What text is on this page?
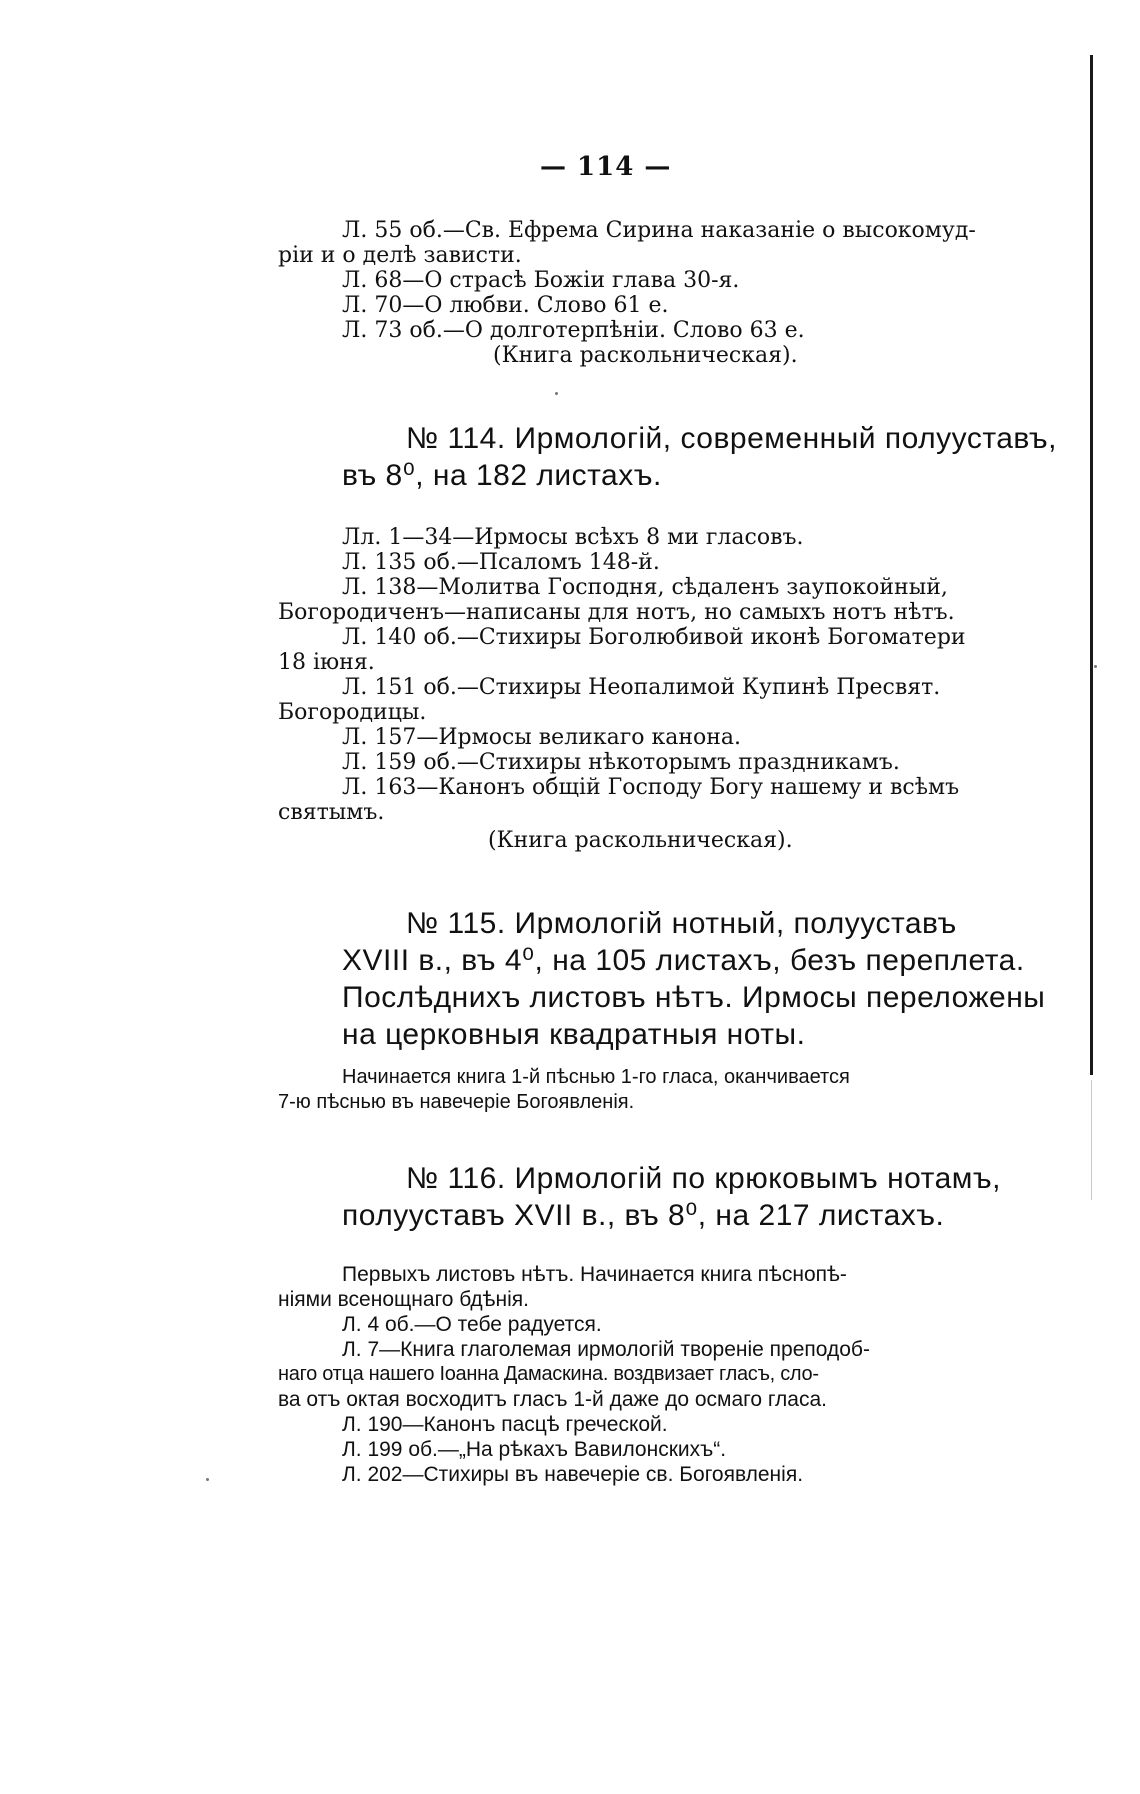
— 114 —
Л. 55 об.—Св. Ефрема Сирина наказаніе о высокомуд-
ріи и о делѣ зависти.
Л. 68—О страсѣ Божіи глава 30-я.
Л. 70—О любви. Слово 61 е.
Л. 73 об.—О долготерпѣніи. Слово 63 е.
(Книга раскольническая).
№ 114. Ирмологій, современный полууставъ,
въ 8⁰, на 182 листахъ.
Лл. 1—34—Ирмосы всѣхъ 8 ми гласовъ.
Л. 135 об.—Псаломъ 148-й.
Л. 138—Молитва Господня, сѣдаленъ заупокойный,
Богородиченъ—написаны для нотъ, но самыхъ нотъ нѣтъ.
Л. 140 об.—Стихиры Боголюбивой иконѣ Богоматери
18 іюня.
Л. 151 об.—Стихиры Неопалимой Купинѣ Пресвят.
Богородицы.
Л. 157—Ирмосы великаго канона.
Л. 159 об.—Стихиры нѣкоторымъ праздникамъ.
Л. 163—Канонъ общій Господу Богу нашему и всѣмъ
святымъ.
(Книга раскольническая).
№ 115. Ирмологій нотный, полууставъ
XVIII в., въ 4⁰, на 105 листахъ, безъ переплета.
Послѣднихъ листовъ нѣтъ. Ирмосы переложены
на церковныя квадратныя ноты.
Начинается книга 1-й пѣснью 1-го гласа, оканчивается
7-ю пѣснью въ навечеріе Богоявленія.
№ 116. Ирмологій по крюковымъ нотамъ,
полууставъ XVII в., въ 8⁰, на 217 листахъ.
Первыхъ листовъ нѣтъ. Начинается книга пѣснопѣ-
ніями всенощнаго бдѣнія.
Л. 4 об.—О тебе радуется.
Л. 7—Книга глаголемая ирмологій твореніе преподоб-
наго отца нашего Іоанна Дамаскина. воздвизает гласъ, сло-
ва отъ октая восходитъ гласъ 1-й даже до осмаго гласа.
Л. 190—Канонъ пасцѣ греческой.
Л. 199 об.—„На рѣкахъ Вавилонскихъ“.
Л. 202—Стихиры въ навечеріе св. Богоявленія.
